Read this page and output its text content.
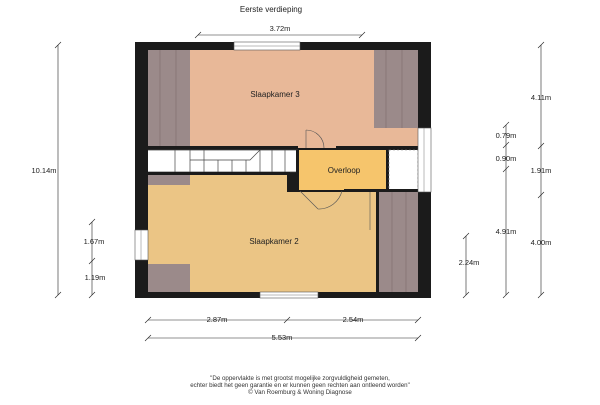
Eerste verdieping
Slaapkamer 3
Overloop
Slaapkamer 2
3.72m
2.87m	2.54m
5.53m
10.14m
1.67m
1.19m
4.11m
0.79m
0.90m
1.91m
4.91m
4.00m
2.24m
"De oppervlakte is met grootst mogelijke zorgvuldigheid gemeten,
echter biedt het geen garantie en er kunnen geen rechten aan ontleend worden"
© Van Roemburg & Woning Diagnose
